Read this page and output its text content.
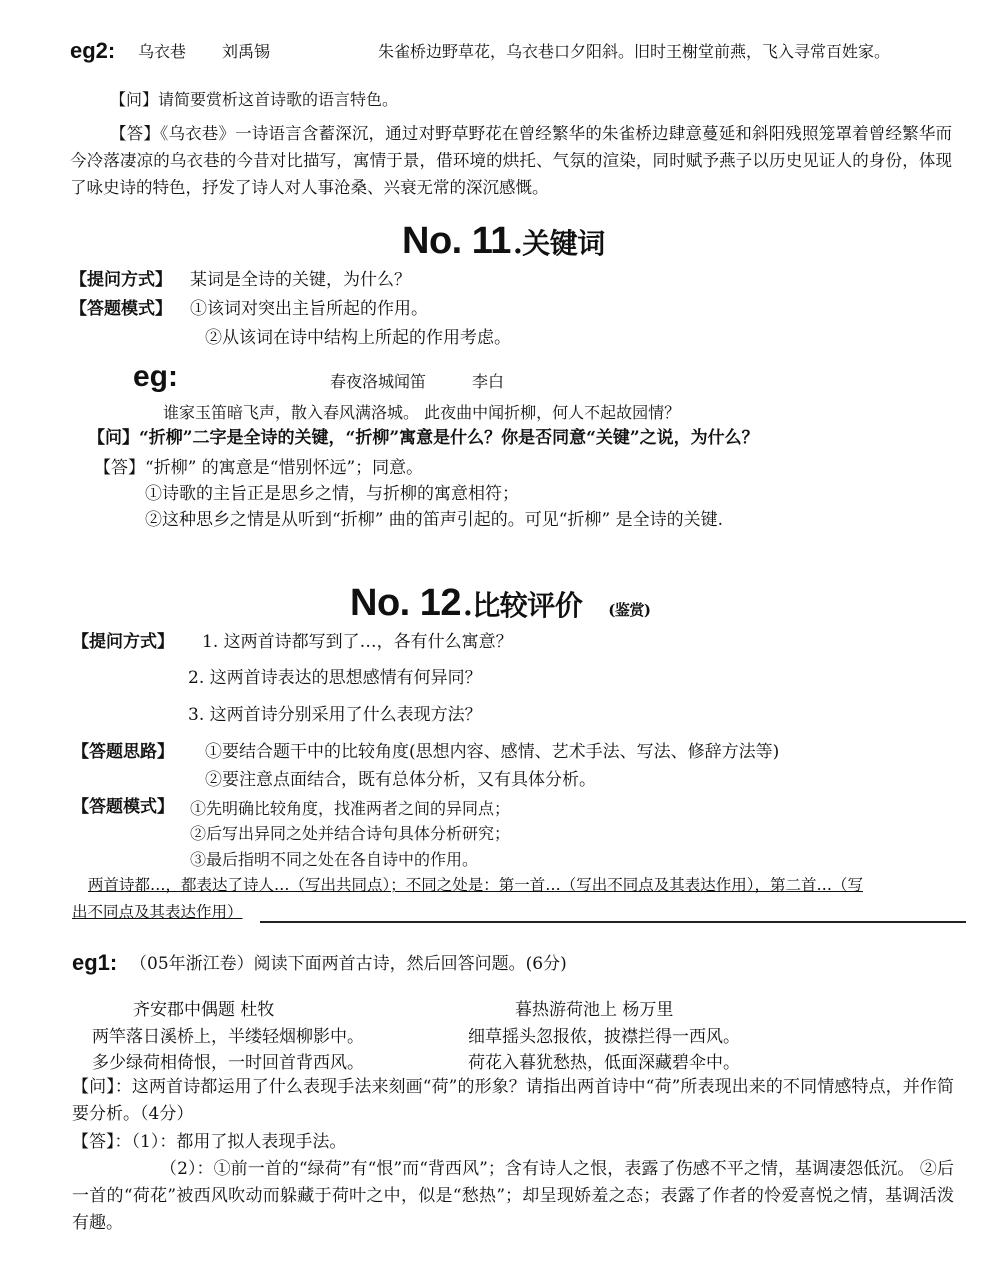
eg2: 乌衣巷 刘禹锡	朱雀桥边野草花，乌衣巷口夕阳斜。旧时王榭堂前燕，飞入寻常百姓家。
【问】请简要赏析这首诗歌的语言特色。
【答】《乌衣巷》一诗语言含蓄深沉，通过对野草野花在曾经繁华的朱雀桥边肆意蔓延和斜阳残照笼罩着曾经繁华而今冷落凄凉的乌衣巷的今昔对比描写，寓情于景，借环境的烘托、气氛的渲染，同时赋予燕子以历史见证人的身份，体现了咏史诗的特色，抒发了诗人对人事沧桑、兴衰无常的深沉感慨。
No. 11.关键词
【提问方式】 某词是全诗的关键，为什么？
【答题模式】 ①该词对突出主旨所起的作用。
②从该词在诗中结构上所起的作用考虑。
eg:	春夜洛城闻笛	李白
谁家玉笛暗飞声，散入春风满洛城。 此夜曲中闻折柳，何人不起故园情？
【问】“折柳”二字是全诗的关键，“折柳”寓意是什么？你是否同意“关键”之说，为什么？
【答】“折柳” 的寓意是“惜别怀远”；同意。
①诗歌的主旨正是思乡之情，与折柳的寓意相符；
②这种思乡之情是从听到“折柳” 曲的笛声引起的。可见“折柳” 是全诗的关键.
No. 12.比较评价 (鉴赏)
【提问方式】 1. 这两首诗都写到了…，各有什么寓意？
2. 这两首诗表达的思想感情有何异同？
3. 这两首诗分别采用了什么表现方法？
【答题思路】 ①要结合题干中的比较角度(思想内容、感情、艺术手法、写法、修辞方法等)
②要注意点面结合，既有总体分析，又有具体分析。
【答题模式】 ①先明确比较角度，找准两者之间的异同点；
②后写出异同之处并结合诗句具体分析研究；
③最后指明不同之处在各自诗中的作用。
两首诗都…，都表达了诗人…（写出共同点）；不同之处是：第一首…（写出不同点及其表达作用），第二首…（写
出不同点及其表达作用）
eg1: （05年浙江卷）阅读下面两首古诗，然后回答问题。(6分)
齐安郡中偶题 杜牧
两竿落日溪桥上，半缕轻烟柳影中。
多少绿荷相倚恨，一时回首背西风。
暮热游荷池上 杨万里
细草摇头忽报侬，披襟拦得一西风。
荷花入暮犹愁热，低面深藏碧伞中。
【问】：这两首诗都运用了什么表现手法来刻画“荷”的形象？请指出两首诗中“荷”所表现出来的不同情感特点，并作简要分析。（4分）
【答】：（1）：都用了拟人表现手法。
（2）：①前一首的“绿荷”有“恨”而“背西风”；含有诗人之恨，表露了伤感不平之情，基调凄怨低沉。 ②后一首的“荷花”被西风吹动而躲藏于荷叶之中，似是“愁热”；却呈现娇羞之态；表露了作者的怜爱喜悦之情，基调活泼有趣。
